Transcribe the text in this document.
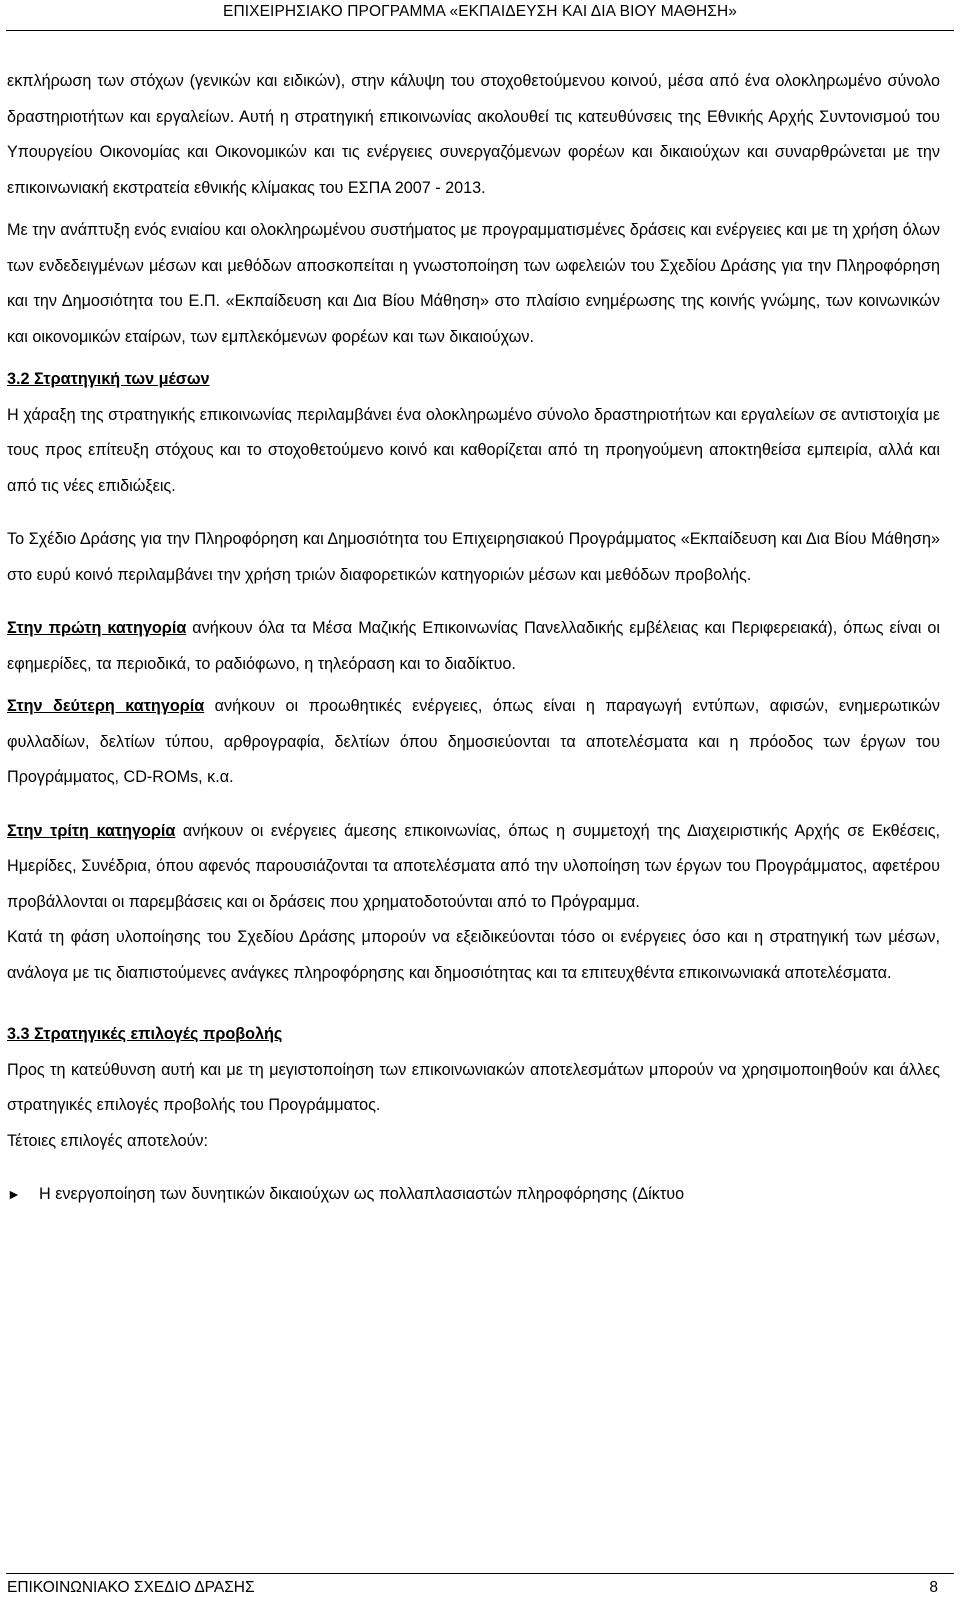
ΕΠΙΧΕΙΡΗΣΙΑΚΟ ΠΡΟΓΡΑΜΜΑ «ΕΚΠΑΙΔΕΥΣΗ ΚΑΙ ΔΙΑ ΒΙΟΥ ΜΑΘΗΣΗ»

εκπλήρωση των στόχων (γενικών και ειδικών), στην κάλυψη του στοχοθετούμενου κοινού, μέσα από ένα ολοκληρωμένο σύνολο δραστηριοτήτων και εργαλείων. Αυτή η στρατηγική επικοινωνίας ακολουθεί τις κατευθύνσεις της Εθνικής Αρχής Συντονισμού του Υπουργείου Οικονομίας και Οικονομικών και τις ενέργειες συνεργαζόμενων φορέων και δικαιούχων και συναρθρώνεται με την επικοινωνιακή εκστρατεία εθνικής κλίμακας του ΕΣΠΑ 2007 - 2013.

Με την ανάπτυξη ενός ενιαίου και ολοκληρωμένου συστήματος με προγραμματισμένες δράσεις και ενέργειες και με τη χρήση όλων των ενδεδειγμένων μέσων και μεθόδων αποσκοπείται η γνωστοποίηση των ωφελειών του Σχεδίου Δράσης για την Πληροφόρηση και την Δημοσιότητα του Ε.Π. «Εκπαίδευση και Δια Βίου Μάθηση» στο πλαίσιο ενημέρωσης της κοινής γνώμης, των κοινωνικών και οικονομικών εταίρων, των εμπλεκόμενων φορέων και των δικαιούχων.

3.2 Στρατηγική των μέσων

Η χάραξη της στρατηγικής επικοινωνίας περιλαμβάνει ένα ολοκληρωμένο σύνολο δραστηριοτήτων και εργαλείων σε αντιστοιχία με τους προς επίτευξη στόχους και το στοχοθετούμενο κοινό και καθορίζεται από τη προηγούμενη αποκτηθείσα εμπειρία, αλλά και από τις νέες επιδιώξεις.

Το Σχέδιο Δράσης για την Πληροφόρηση και Δημοσιότητα του Επιχειρησιακού Προγράμματος «Εκπαίδευση και Δια Βίου Μάθηση» στο ευρύ κοινό περιλαμβάνει την χρήση τριών διαφορετικών κατηγοριών μέσων και μεθόδων προβολής.

Στην πρώτη κατηγορία ανήκουν όλα τα Μέσα Μαζικής Επικοινωνίας Πανελλαδικής εμβέλειας και Περιφερειακά), όπως είναι οι εφημερίδες, τα περιοδικά, το ραδιόφωνο, η τηλεόραση και το διαδίκτυο.

Στην δεύτερη κατηγορία ανήκουν οι προωθητικές ενέργειες, όπως είναι η παραγωγή εντύπων, αφισών, ενημερωτικών φυλλαδίων, δελτίων τύπου, αρθρογραφία, δελτίων όπου δημοσιεύονται τα αποτελέσματα και η πρόοδος των έργων του Προγράμματος, CD-ROMs, κ.α.

Στην τρίτη κατηγορία ανήκουν οι ενέργειες άμεσης επικοινωνίας, όπως η συμμετοχή της Διαχειριστικής Αρχής σε Εκθέσεις, Ημερίδες, Συνέδρια, όπου αφενός παρουσιάζονται τα αποτελέσματα από την υλοποίηση των έργων του Προγράμματος, αφετέρου προβάλλονται οι παρεμβάσεις και οι δράσεις που χρηματοδοτούνται από το Πρόγραμμα.

Κατά τη φάση υλοποίησης του Σχεδίου Δράσης μπορούν να εξειδικεύονται τόσο οι ενέργειες όσο και η στρατηγική των μέσων, ανάλογα με τις διαπιστούμενες ανάγκες πληροφόρησης και δημοσιότητας και τα επιτευχθέντα επικοινωνιακά αποτελέσματα.

3.3 Στρατηγικές επιλογές προβολής

Προς τη κατεύθυνση αυτή και με τη μεγιστοποίηση των επικοινωνιακών αποτελεσμάτων μπορούν να χρησιμοποιηθούν και άλλες στρατηγικές επιλογές προβολής του Προγράμματος.

Τέτοιες επιλογές αποτελούν:

► Η ενεργοποίηση των δυνητικών δικαιούχων ως πολλαπλασιαστών πληροφόρησης (Δίκτυο

ΕΠΙΚΟΙΝΩΝΙΑΚΟ ΣΧΕΔΙΟ ΔΡΑΣΗΣ	8
